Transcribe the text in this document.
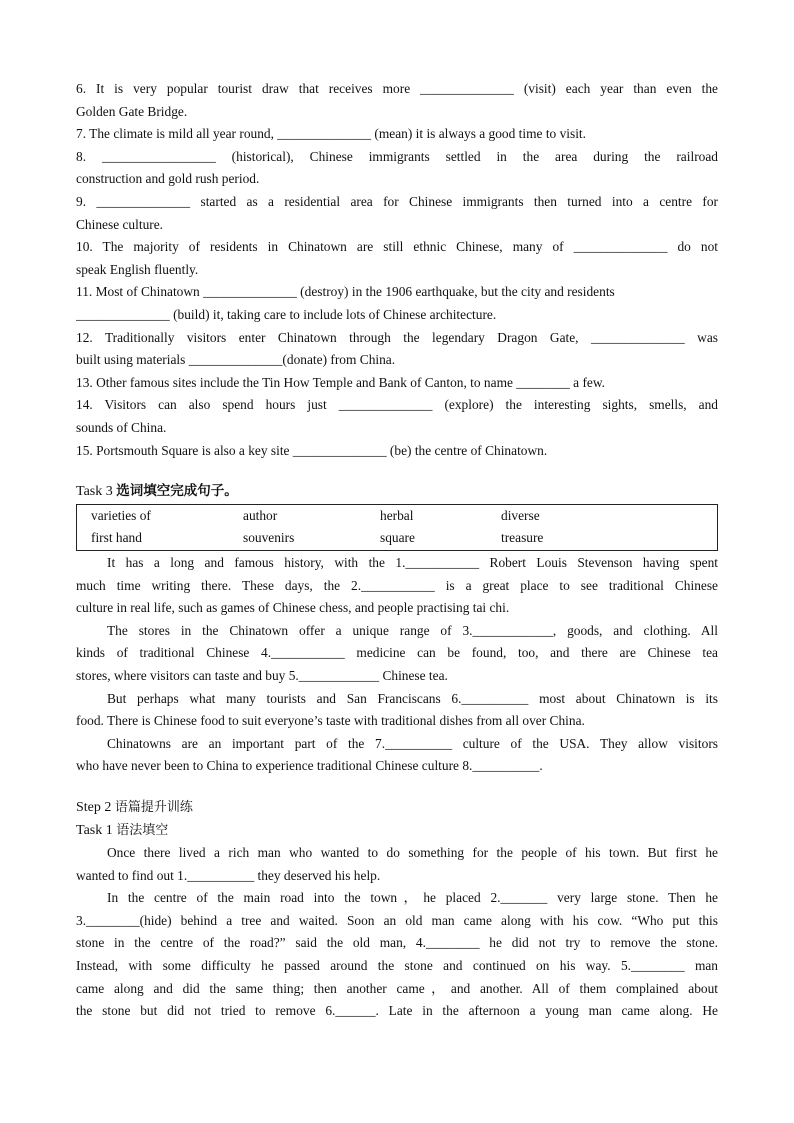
6. It is very popular tourist draw that receives more ______________ (visit) each year than even the
Golden Gate Bridge.
7. The climate is mild all year round, ______________ (mean) it is always a good time to visit.
8. _________________ (historical), Chinese immigrants settled in the area during the railroad
construction and gold rush period.
9. ______________ started as a residential area for Chinese immigrants then turned into a centre for
Chinese culture.
10. The majority of residents in Chinatown are still ethnic Chinese, many of ______________ do not
speak English fluently.
11. Most of Chinatown ______________ (destroy) in the 1906 earthquake, but the city and residents
______________ (build) it, taking care to include lots of Chinese architecture.
12. Traditionally visitors enter Chinatown through the legendary Dragon Gate, ______________ was
built using materials ______________(donate) from China.
13. Other famous sites include the Tin How Temple and Bank of Canton, to name ________ a few.
14. Visitors can also spend hours just ______________ (explore) the interesting sights, smells, and
sounds of China.
15. Portsmouth Square is also a key site ______________ (be) the centre of Chinatown.
Task 3 选词填空完成句子。
varieties of	author	herbal	diverse
first hand	souvenirs	square	treasure
It has a long and famous history, with the 1.___________ Robert Louis Stevenson having spent
much time writing there. These days, the 2.___________ is a great place to see traditional Chinese
culture in real life, such as games of Chinese chess, and people practising tai chi.
The stores in the Chinatown offer a unique range of 3.____________, goods, and clothing. All
kinds of traditional Chinese 4.___________ medicine can be found, too, and there are Chinese tea
stores, where visitors can taste and buy 5.____________ Chinese tea.
But perhaps what many tourists and San Franciscans 6.__________ most about Chinatown is its
food. There is Chinese food to suit everyone’s taste with traditional dishes from all over China.
Chinatowns are an important part of the 7.__________ culture of the USA. They allow visitors
who have never been to China to experience traditional Chinese culture 8.__________.
Step 2 语篇提升训练
Task 1 语法填空
Once there lived a rich man who wanted to do something for the people of his town. But first he
wanted to find out 1.__________ they deserved his help.
In the centre of the main road into the town，he placed 2._______ very large stone. Then he
3.________(hide) behind a tree and waited. Soon an old man came along with his cow. “Who put this
stone in the centre of the road?” said the old man, 4.________ he did not try to remove the stone.
Instead, with some difficulty he passed around the stone and continued on his way. 5.________ man
came along and did the same thing; then another came，and another. All of them complained about
the stone but did not tried to remove 6.______. Late in the afternoon a young man came along. He
